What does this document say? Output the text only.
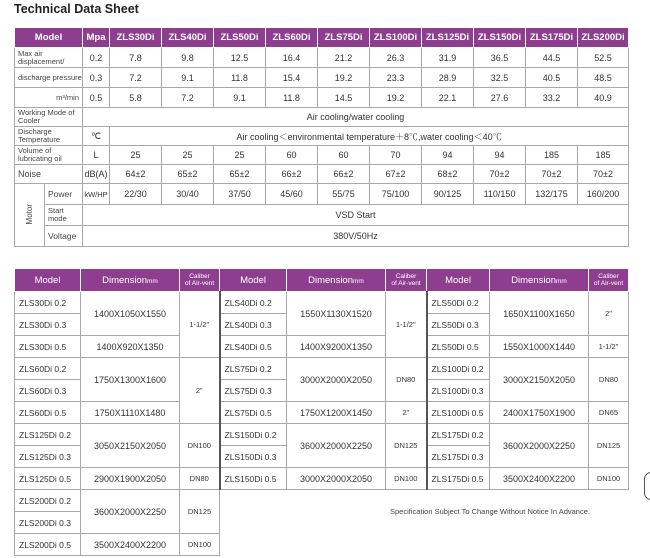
Technical Data Sheet
Model		Mpa	ZLS30Di	ZLS40Di	ZLS50Di	ZLS60Di	ZLS75Di	ZLS100Di	ZLS125Di	ZLS150Di	ZLS175Di	ZLS200Di
Max air
displacement/		0.2	7.8	9.8	12.5	16.4	21.2	26.3	31.9	36.5	44.5	52.5
discharge pressure		0.3	7.2	9.1	11.8	15.4	19.2	23.3	28.9	32.5	40.5	48.5
m³/min		0.5	5.8	7.2	9.1	11.8	14.5	19.2	22.1	27.6	33.2	40.9
Working Mode of Cooler		Air cooling/water cooling										
Discharge Temperature		℃	Air cooling＜environmental temperature＋8℃,water cooling＜40℃									
Volume of lubricating oil		L	25	25	25	60	60	70	94	94	185	185
Noise		dB(A)	64±2	65±2	65±2	66±2	66±2	67±2	68±2	70±2	70±2	70±2
Motor	Power	kW/HP	22/30	30/40	37/50	45/60	55/75	75/100	90/125	110/150	132/175	160/200
	Start mode	VSD Start										
	Voltage	380V/50Hz										
Model	Dimensionmm	Caliber
of Air-vent	Model	Dimensionmm	Caliber
of Air-vent	Model	Dimensionmm	Caliber
of Air-vent
ZLS30Di 0.2	1400X1050X1550	1-1/2"	ZLS40Di 0.2	1550X1130X1520	1-1/2"	ZLS50Di 0.2	1650X1100X1650	2"
ZLS30Di 0.3			ZLS40Di 0.3			ZLS50Di 0.3		
ZLS30Di 0.5	1400X920X1350		ZLS40Di 0.5	1400X9200X1350		ZLS50Di 0.5	1550X1000X1440	1-1/2"
ZLS60Di 0.2	1750X1300X1600	2"	ZLS75Di 0.2	3000X2000X2050	DN80	ZLS100Di 0.2	3000X2150X2050	DN80
ZLS60Di 0.3			ZLS75Di 0.3			ZLS100Di 0.3		
ZLS60Di 0.5	1750X1110X1480		ZLS75Di 0.5	1750X1200X1450	2"	ZLS100Di 0.5	2400X1750X1900	DN65
ZLS125Di 0.2	3050X2150X2050	DN100	ZLS150Di 0.2	3600X2000X2250	DN125	ZLS175Di 0.2	3600X2000X2250	DN125
ZLS125Di 0.3			ZLS150Di 0.3			ZLS175Di 0.3		
ZLS125Di 0.5	2900X1900X2050	DN80	ZLS150Di 0.5	3000X2000X2050	DN100	ZLS175Di 0.5	3500X2400X2200	DN100
ZLS200Di 0.2	3600X2000X2250	DN125						
ZLS200Di 0.3								
ZLS200Di 0.5	3500X2400X2200	DN100						
Specification Subject To Change Without Notice In Advance.
